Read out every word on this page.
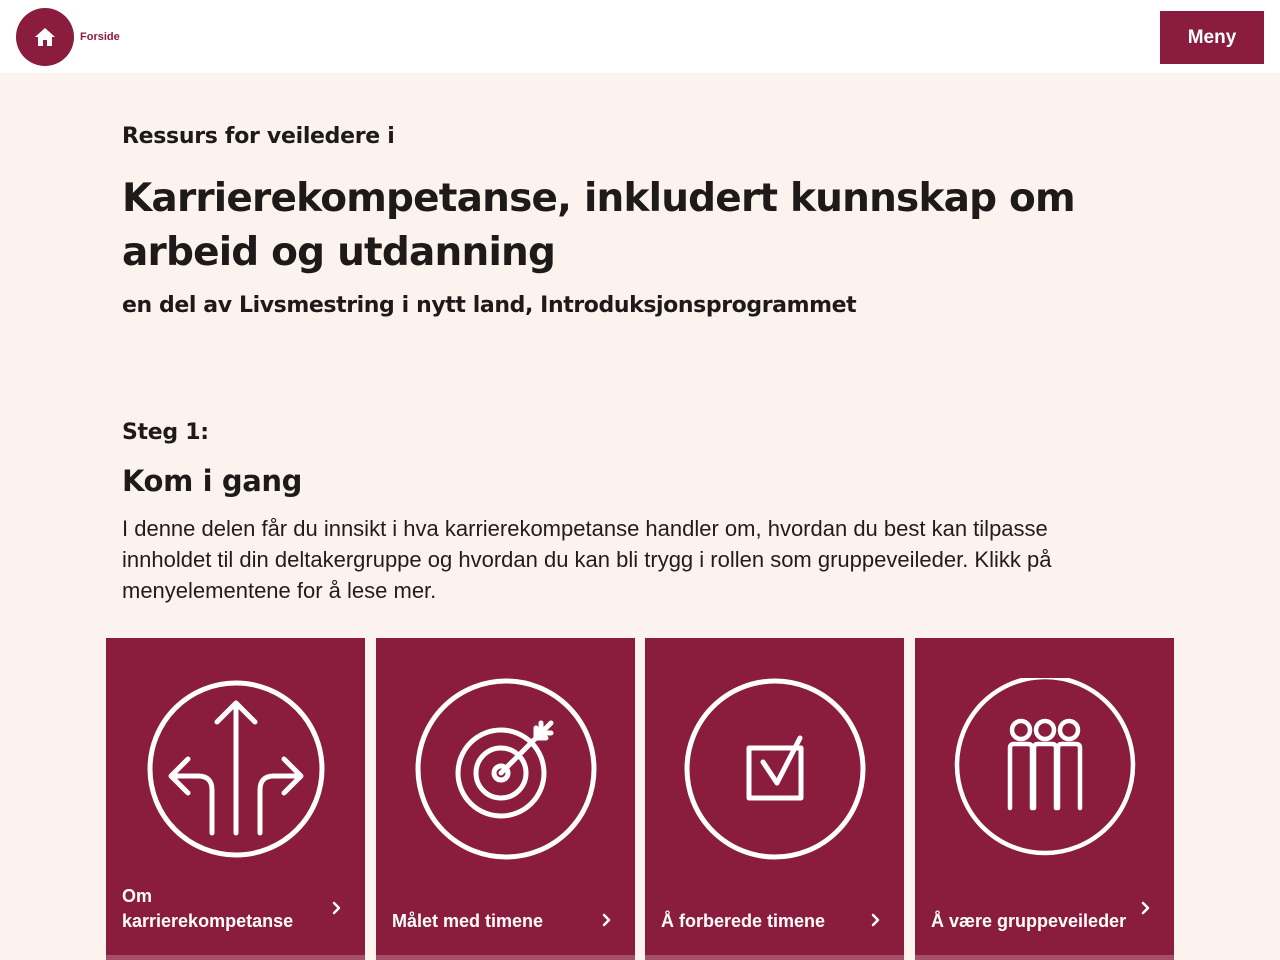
Forside	Meny
Ressurs for veiledere i
Karrierekompetanse, inkludert kunnskap om arbeid og utdanning
en del av Livsmestring i nytt land, Introduksjonsprogrammet
Steg 1:
Kom i gang

I denne delen får du innsikt i hva karrierekompetanse handler om, hvordan du best kan tilpasse innholdet til din deltakergruppe og hvordan du kan bli trygg i rollen som gruppeveileder. Klikk på menyelementene for å lese mer.

Om karrierekompetanse	Målet med timene	Å forberede timene	Å være gruppeveileder
